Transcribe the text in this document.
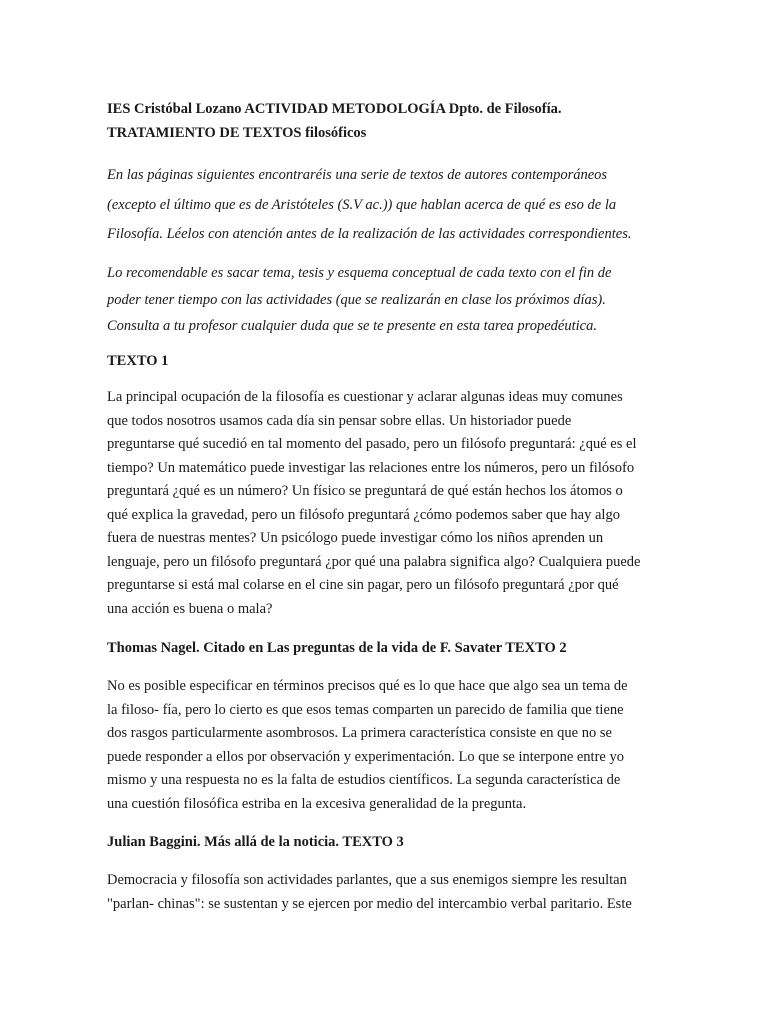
IES Cristóbal Lozano ACTIVIDAD METODOLOGÍA Dpto. de Filosofía.
TRATAMIENTO DE TEXTOS filosóficos
En las páginas siguientes encontraréis una serie de textos de autores contemporáneos
(excepto el último que es de Aristóteles (S.V ac.)) que hablan acerca de qué es eso de la
Filosofía. Léelos con atención antes de la realización de las actividades correspondientes.
Lo recomendable es sacar tema, tesis y esquema conceptual de cada texto con el fin de
poder tener tiempo con las actividades (que se realizarán en clase los próximos días).
Consulta a tu profesor cualquier duda que se te presente en esta tarea propedéutica.
TEXTO 1
La principal ocupación de la filosofía es cuestionar y aclarar algunas ideas muy comunes
que todos nosotros usamos cada día sin pensar sobre ellas. Un historiador puede
preguntarse qué sucedió en tal momento del pasado, pero un filósofo preguntará: ¿qué es el
tiempo? Un matemático puede investigar las relaciones entre los números, pero un filósofo
preguntará ¿qué es un número? Un físico se preguntará de qué están hechos los átomos o
qué explica la gravedad, pero un filósofo preguntará ¿cómo podemos saber que hay algo
fuera de nuestras mentes? Un psicólogo puede investigar cómo los niños aprenden un
lenguaje, pero un filósofo preguntará ¿por qué una palabra significa algo? Cualquiera puede
preguntarse si está mal colarse en el cine sin pagar, pero un filósofo preguntará ¿por qué
una acción es buena o mala?
Thomas Nagel. Citado en Las preguntas de la vida de F. Savater TEXTO 2
No es posible especificar en términos precisos qué es lo que hace que algo sea un tema de
la filoso- fía, pero lo cierto es que esos temas comparten un parecido de familia que tiene
dos rasgos particularmente asombrosos. La primera característica consiste en que no se
puede responder a ellos por observación y experimentación. Lo que se interpone entre yo
mismo y una respuesta no es la falta de estudios científicos. La segunda característica de
una cuestión filosófica estriba en la excesiva generalidad de la pregunta.
Julian Baggini. Más allá de la noticia. TEXTO 3
Democracia y filosofía son actividades parlantes, que a sus enemigos siempre les resultan
"parlan- chinas": se sustentan y se ejercen por medio del intercambio verbal paritario. Este
